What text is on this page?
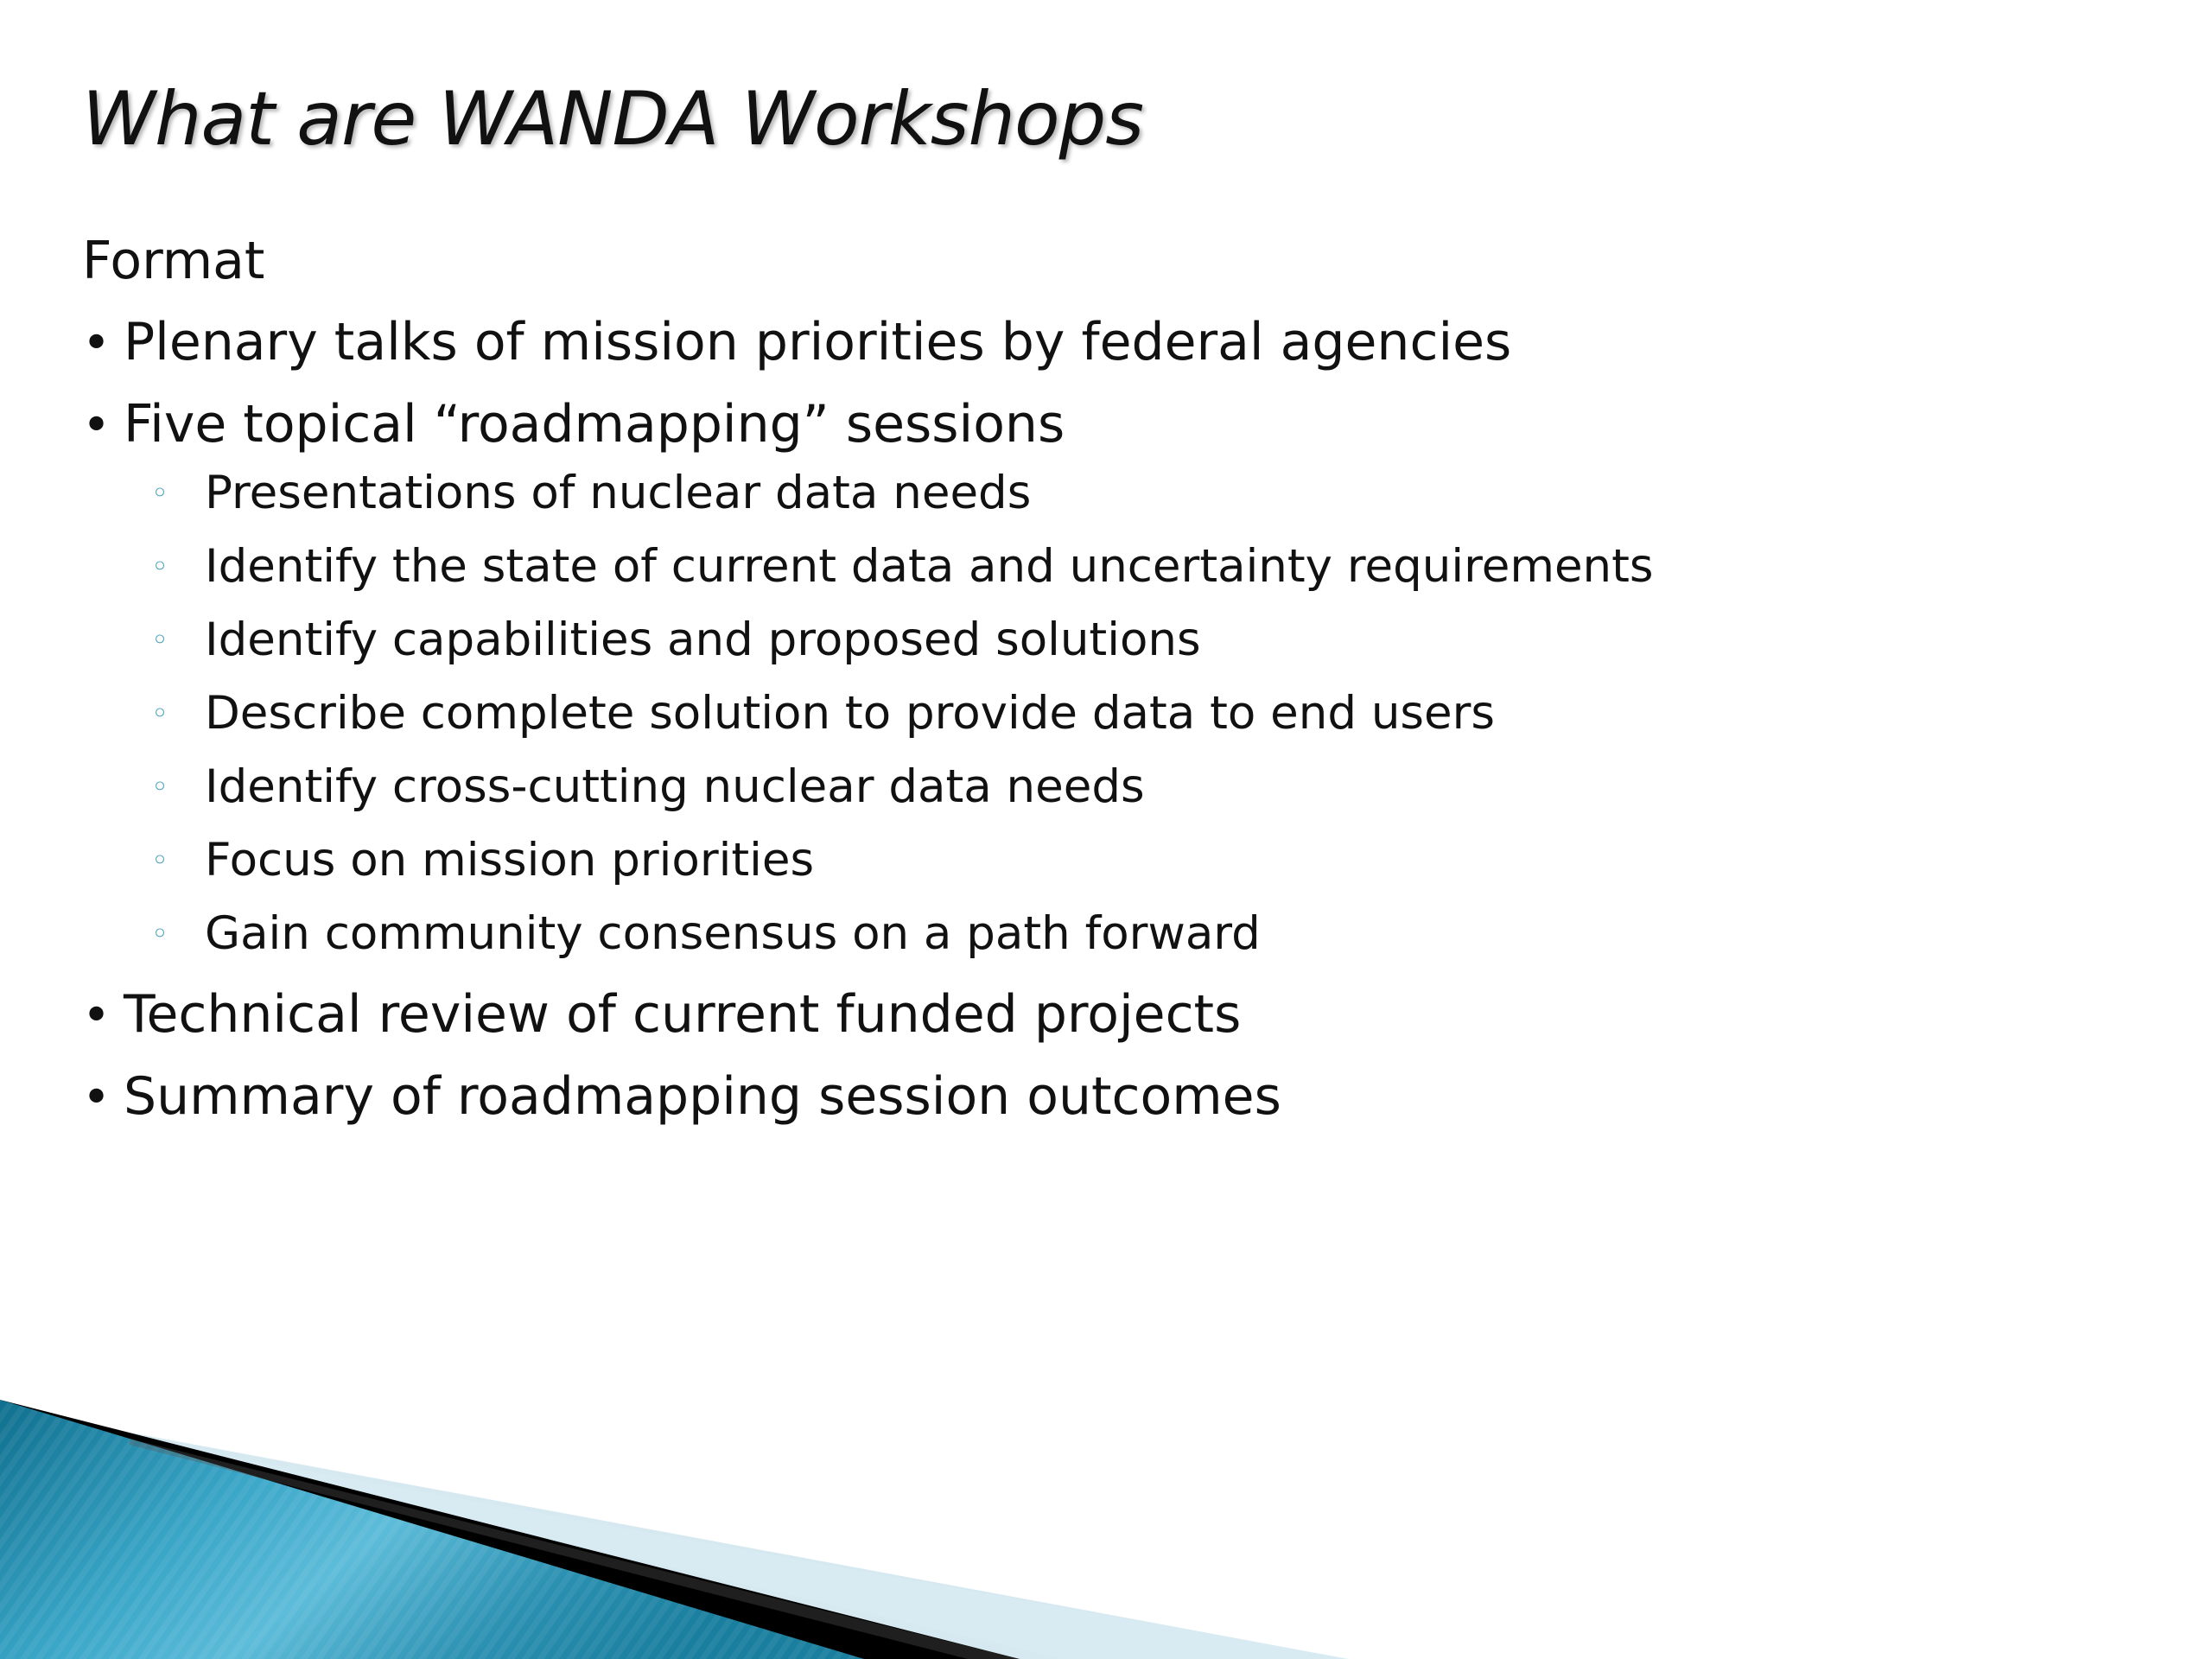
What are WANDA Workshops
Format
• Plenary talks of mission priorities by federal agencies
• Five topical “roadmapping” sessions
◦ Presentations of nuclear data needs
◦ Identify the state of current data and uncertainty requirements
◦ Identify capabilities and proposed solutions
◦ Describe complete solution to provide data to end users
◦ Identify cross-cutting nuclear data needs
◦ Focus on mission priorities
◦ Gain community consensus on a path forward
• Technical review of current funded projects
• Summary of roadmapping session outcomes
